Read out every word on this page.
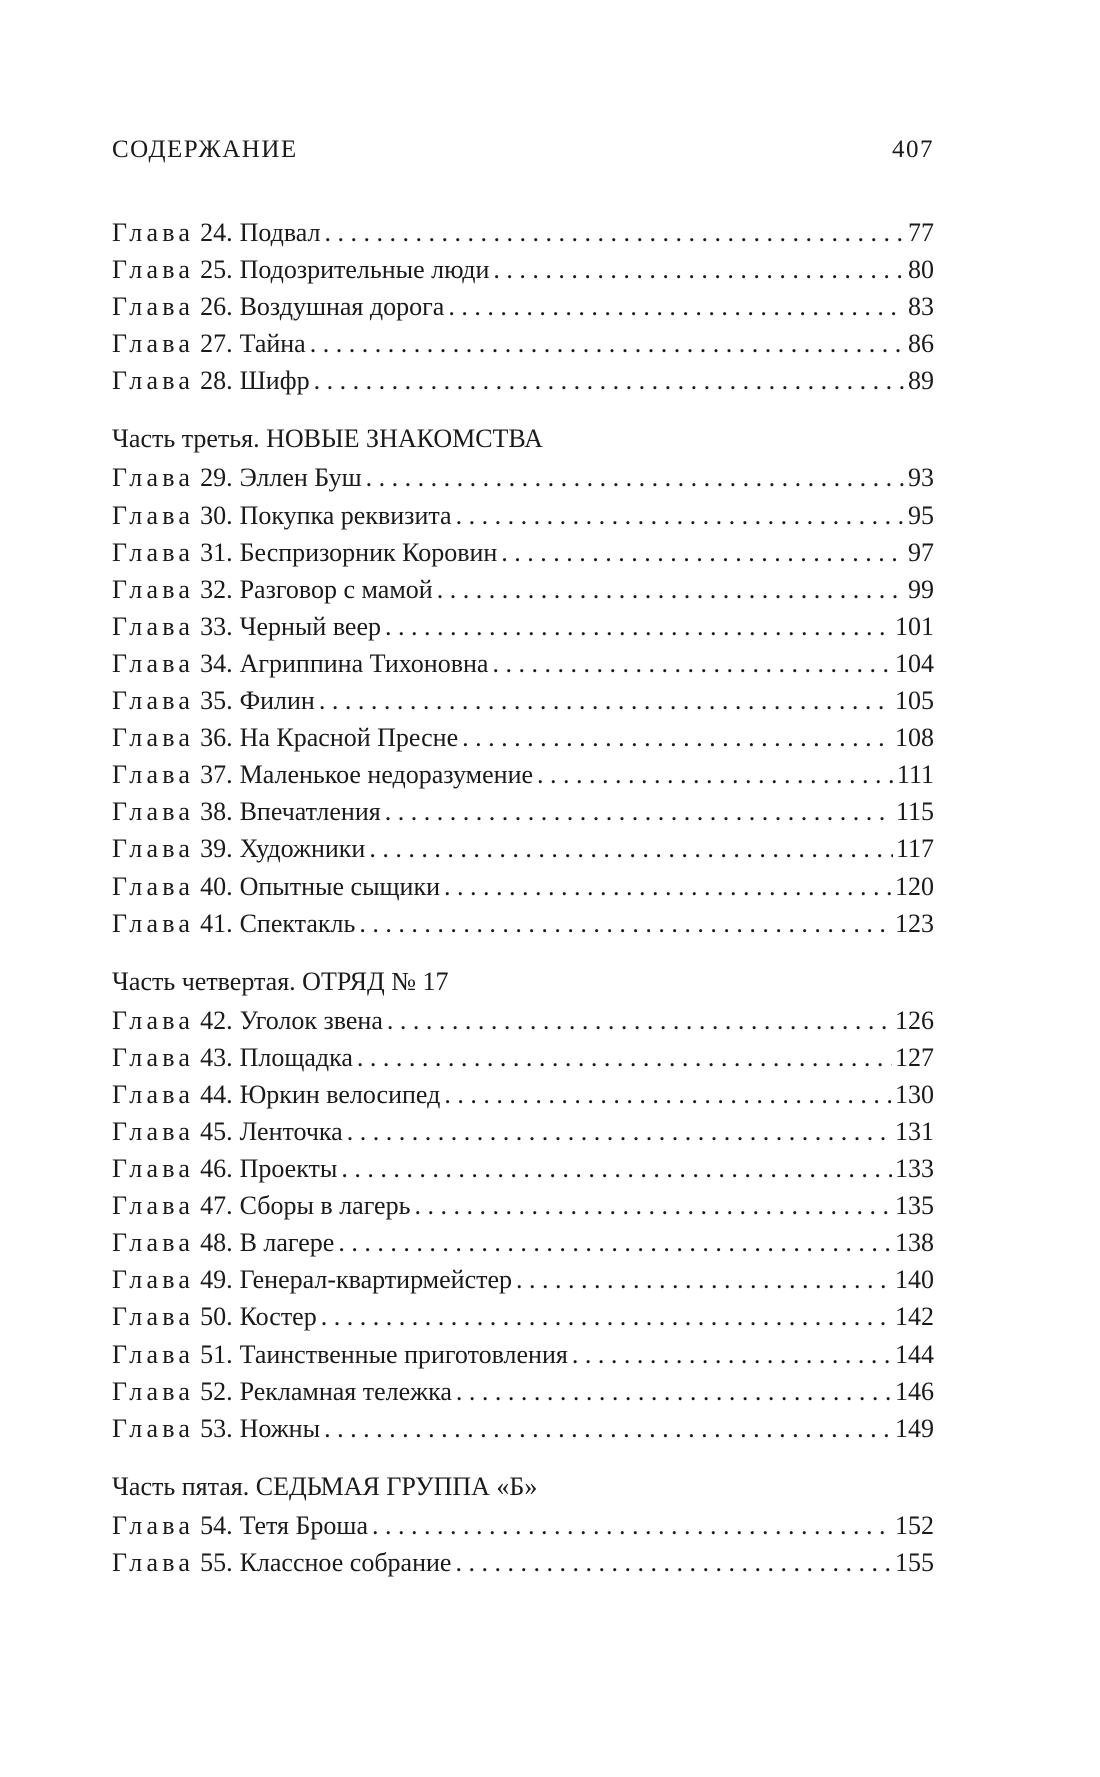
СОДЕРЖАНИЕ	407
Глава 24. Подвал . . .	77
Глава 25. Подозрительные люди . . .	80
Глава 26. Воздушная дорога . . .	83
Глава 27. Тайна . . .	86
Глава 28. Шифр . . .	89
Часть третья. НОВЫЕ ЗНАКОМСТВА
Глава 29. Эллен Буш . . .	93
Глава 30. Покупка реквизита . . .	95
Глава 31. Беспризорник Коровин . . .	97
Глава 32. Разговор с мамой . . .	99
Глава 33. Черный веер . . .	101
Глава 34. Агриппина Тихоновна . . .	104
Глава 35. Филин . . .	105
Глава 36. На Красной Пресне . . .	108
Глава 37. Маленькое недоразумение . . .	111
Глава 38. Впечатления . . .	115
Глава 39. Художники . . .	117
Глава 40. Опытные сыщики . . .	120
Глава 41. Спектакль . . .	123
Часть четвертая. ОТРЯД № 17
Глава 42. Уголок звена . . .	126
Глава 43. Площадка . . .	127
Глава 44. Юркин велосипед . . .	130
Глава 45. Ленточка . . .	131
Глава 46. Проекты . . .	133
Глава 47. Сборы в лагерь . . .	135
Глава 48. В лагере . . .	138
Глава 49. Генерал-квартирмейстер . . .	140
Глава 50. Костер . . .	142
Глава 51. Таинственные приготовления . . .	144
Глава 52. Рекламная тележка . . .	146
Глава 53. Ножны . . .	149
Часть пятая. СЕДЬМАЯ ГРУППА «Б»
Глава 54. Тетя Броша . . .	152
Глава 55. Классное собрание . . .	155
